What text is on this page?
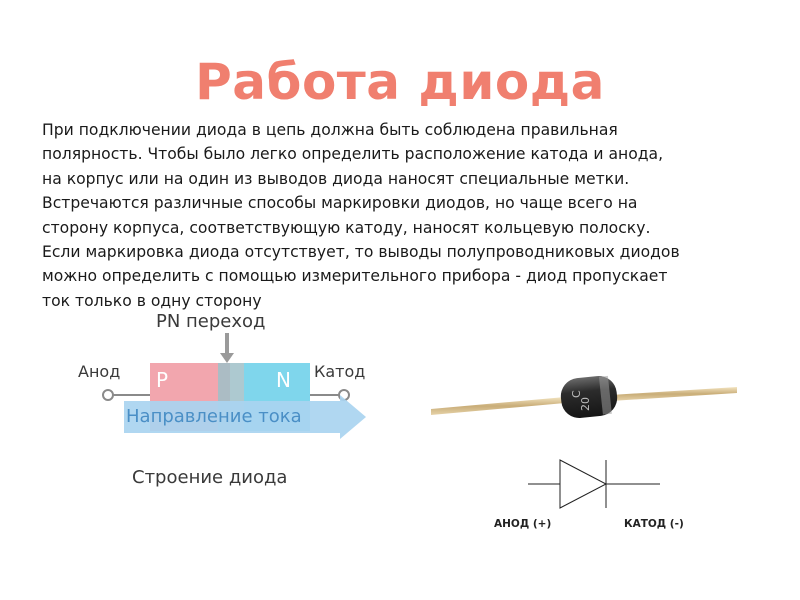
Работа диода
При подключении диода в цепь должна быть соблюдена правильная
полярность. Чтобы было легко определить расположение катода и анода,
на корпус или на один из выводов диода наносят специальные метки.
Встречаются различные способы маркировки диодов, но чаще всего на
сторону корпуса, соответствующую катоду, наносят кольцевую полоску.
Если маркировка диода отсутствует, то выводы полупроводниковых диодов
можно определить с помощью измерительного прибора - диод пропускает
ток только в одну сторону
PN переход
Анод	Катод
P	N
Направление тока
Строение диода
С
20
АНОД (+)	КАТОД (-)
